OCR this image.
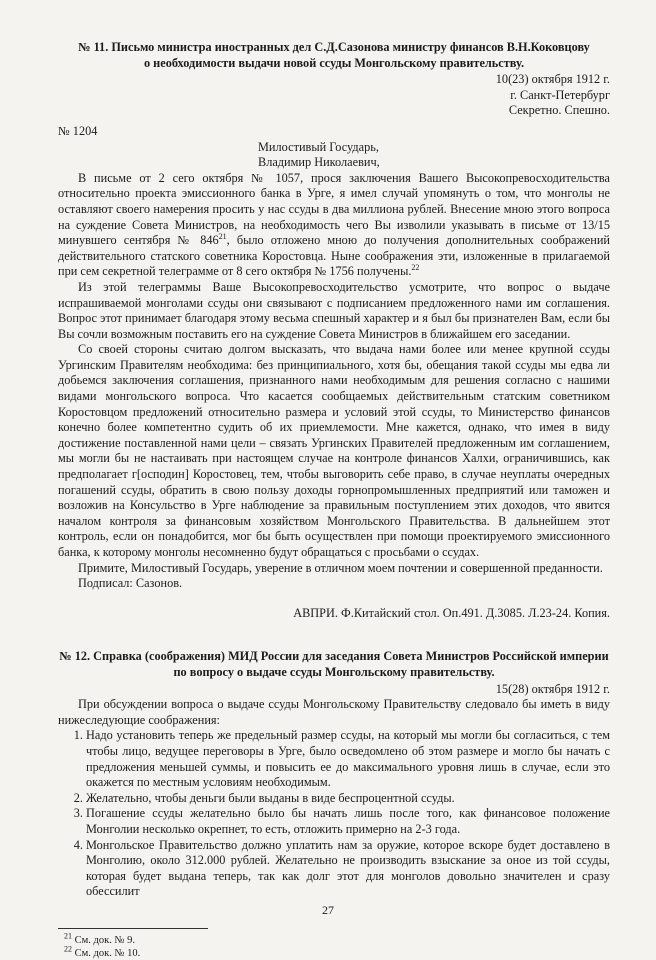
№ 11. Письмо министра иностранных дел С.Д.Сазонова министру финансов В.Н.Коковцову
о необходимости выдачи новой ссуды Монгольскому правительству.
10(23) октября 1912 г.
г. Санкт-Петербург
Секретно. Спешно.
№ 1204
Милостивый Государь,
Владимир Николаевич,

В письме от 2 сего октября № 1057, прося заключения Вашего Высокопревосходительства относительно проекта эмиссионного банка в Урге, я имел случай упомянуть о том, что монголы не оставляют своего намерения просить у нас ссуды в два миллиона рублей. Внесение мною этого вопроса на суждение Совета Министров, на необходимость чего Вы изволили указывать в письме от 13/15 минувшего сентября № $846^{21}$, было отложено мною до получения дополнительных соображений действительного статского советника Коростовца. Ныне соображения эти, изложенные в прилагаемой при сем секретной телеграмме от 8 сего октября № 1756 получены.$^{22}$

Из этой телеграммы Ваше Высокопревосходительство усмотрите, что вопрос о выдаче испрашиваемой монголами ссуды они связывают с подписанием предложенного нами им соглашения. Вопрос этот принимает благодаря этому весьма спешный характер и я был бы признателен Вам, если бы Вы сочли возможным поставить его на суждение Совета Министров в ближайшем его заседании.

Со своей стороны считаю долгом высказать, что выдача нами более или менее крупной ссуды Ургинским Правителям необходима: без принципиального, хотя бы, обещания такой ссуды мы едва ли добьемся заключения соглашения, признанного нами необходимым для решения согласно с нашими видами монгольского вопроса. Что касается сообщаемых действительным статским советником Коростовцом предложений относительно размера и условий этой ссуды, то Министерство финансов конечно более компетентно судить об их приемлемости. Мне кажется, однако, что имея в виду достижение поставленной нами цели – связать Ургинских Правителей предложенным им соглашением, мы могли бы не настаивать при настоящем случае на контроле финансов Халхи, ограничившись, как предполагает г[осподин] Коростовец, тем, чтобы выговорить себе право, в случае неуплаты очередных погашений ссуды, обратить в свою пользу доходы горнопромышленных предприятий или таможен и возложив на Консульство в Урге наблюдение за правильным поступлением этих доходов, что явится началом контроля за финансовым хозяйством Монгольского Правительства. В дальнейшем этот контроль, если он понадобится, мог бы быть осуществлен при помощи проектируемого эмиссионного банка, к которому монголы несомненно будут обращаться с просьбами о ссудах.

Примите, Милостивый Государь, уверение в отличном моем почтении и совершенной преданности.

Подписал: Сазонов.

АВПРИ. Ф.Китайский стол. Оп.491. Д.3085. Л.23-24. Копия.
№ 12. Справка (соображения) МИД России для заседания Совета Министров Российской империи
по вопросу о выдаче ссуды Монгольскому правительству.
15(28) октября 1912 г.

При обсуждении вопроса о выдаче ссуды Монгольскому Правительству следовало бы иметь в виду нижеследующие соображения:

1. Надо установить теперь же предельный размер ссуды, на который мы могли бы согласиться, с тем чтобы лицо, ведущее переговоры в Урге, было осведомлено об этом размере и могло бы начать с предложения меньшей суммы, и повысить ее до максимального уровня лишь в случае, если это окажется по местным условиям необходимым.
2. Желательно, чтобы деньги были выданы в виде беспроцентной ссуды.
3. Погашение ссуды желательно было бы начать лишь после того, как финансовое положение Монголии несколько окрепнет, то есть, отложить примерно на 2-3 года.
4. Монгольское Правительство должно уплатить нам за оружие, которое вскоре будет доставлено в Монголию, около 312.000 рублей. Желательно не производить взыскание за оное из той ссуды, которая будет выдана теперь, так как долг этот для монголов довольно значителен и сразу обессилит
$^{21}$ См. док. № 9.
$^{22}$ См. док. № 10.
27
